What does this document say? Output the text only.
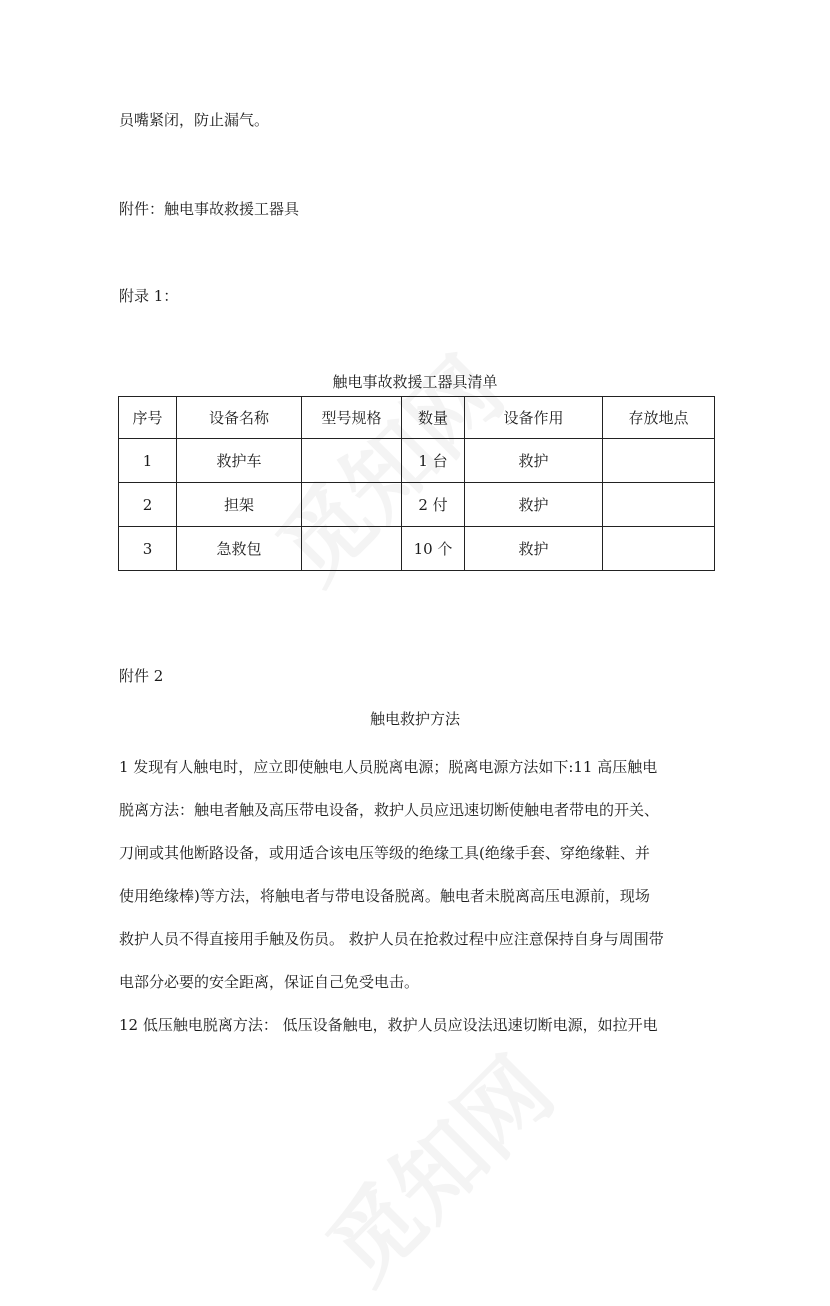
员嘴紧闭，防止漏气。
附件：触电事故救援工器具
附录 1：
触电事故救援工器具清单
序号	设备名称	型号规格	数量	设备作用	存放地点
1	救护车		1 台	救护	
2	担架		2 付	救护	
3	急救包		10 个	救护	
附件 2
触电救护方法
1 发现有人触电时，应立即使触电人员脱离电源；脱离电源方法如下:11 高压触电
脱离方法：触电者触及高压带电设备，救护人员应迅速切断使触电者带电的开关、
刀闸或其他断路设备，或用适合该电压等级的绝缘工具(绝缘手套、穿绝缘鞋、并
使用绝缘棒)等方法，将触电者与带电设备脱离。触电者未脱离高压电源前，现场
救护人员不得直接用手触及伤员。 救护人员在抢救过程中应注意保持自身与周围带
电部分必要的安全距离，保证自己免受电击。
12 低压触电脱离方法： 低压设备触电，救护人员应设法迅速切断电源，如拉开电
